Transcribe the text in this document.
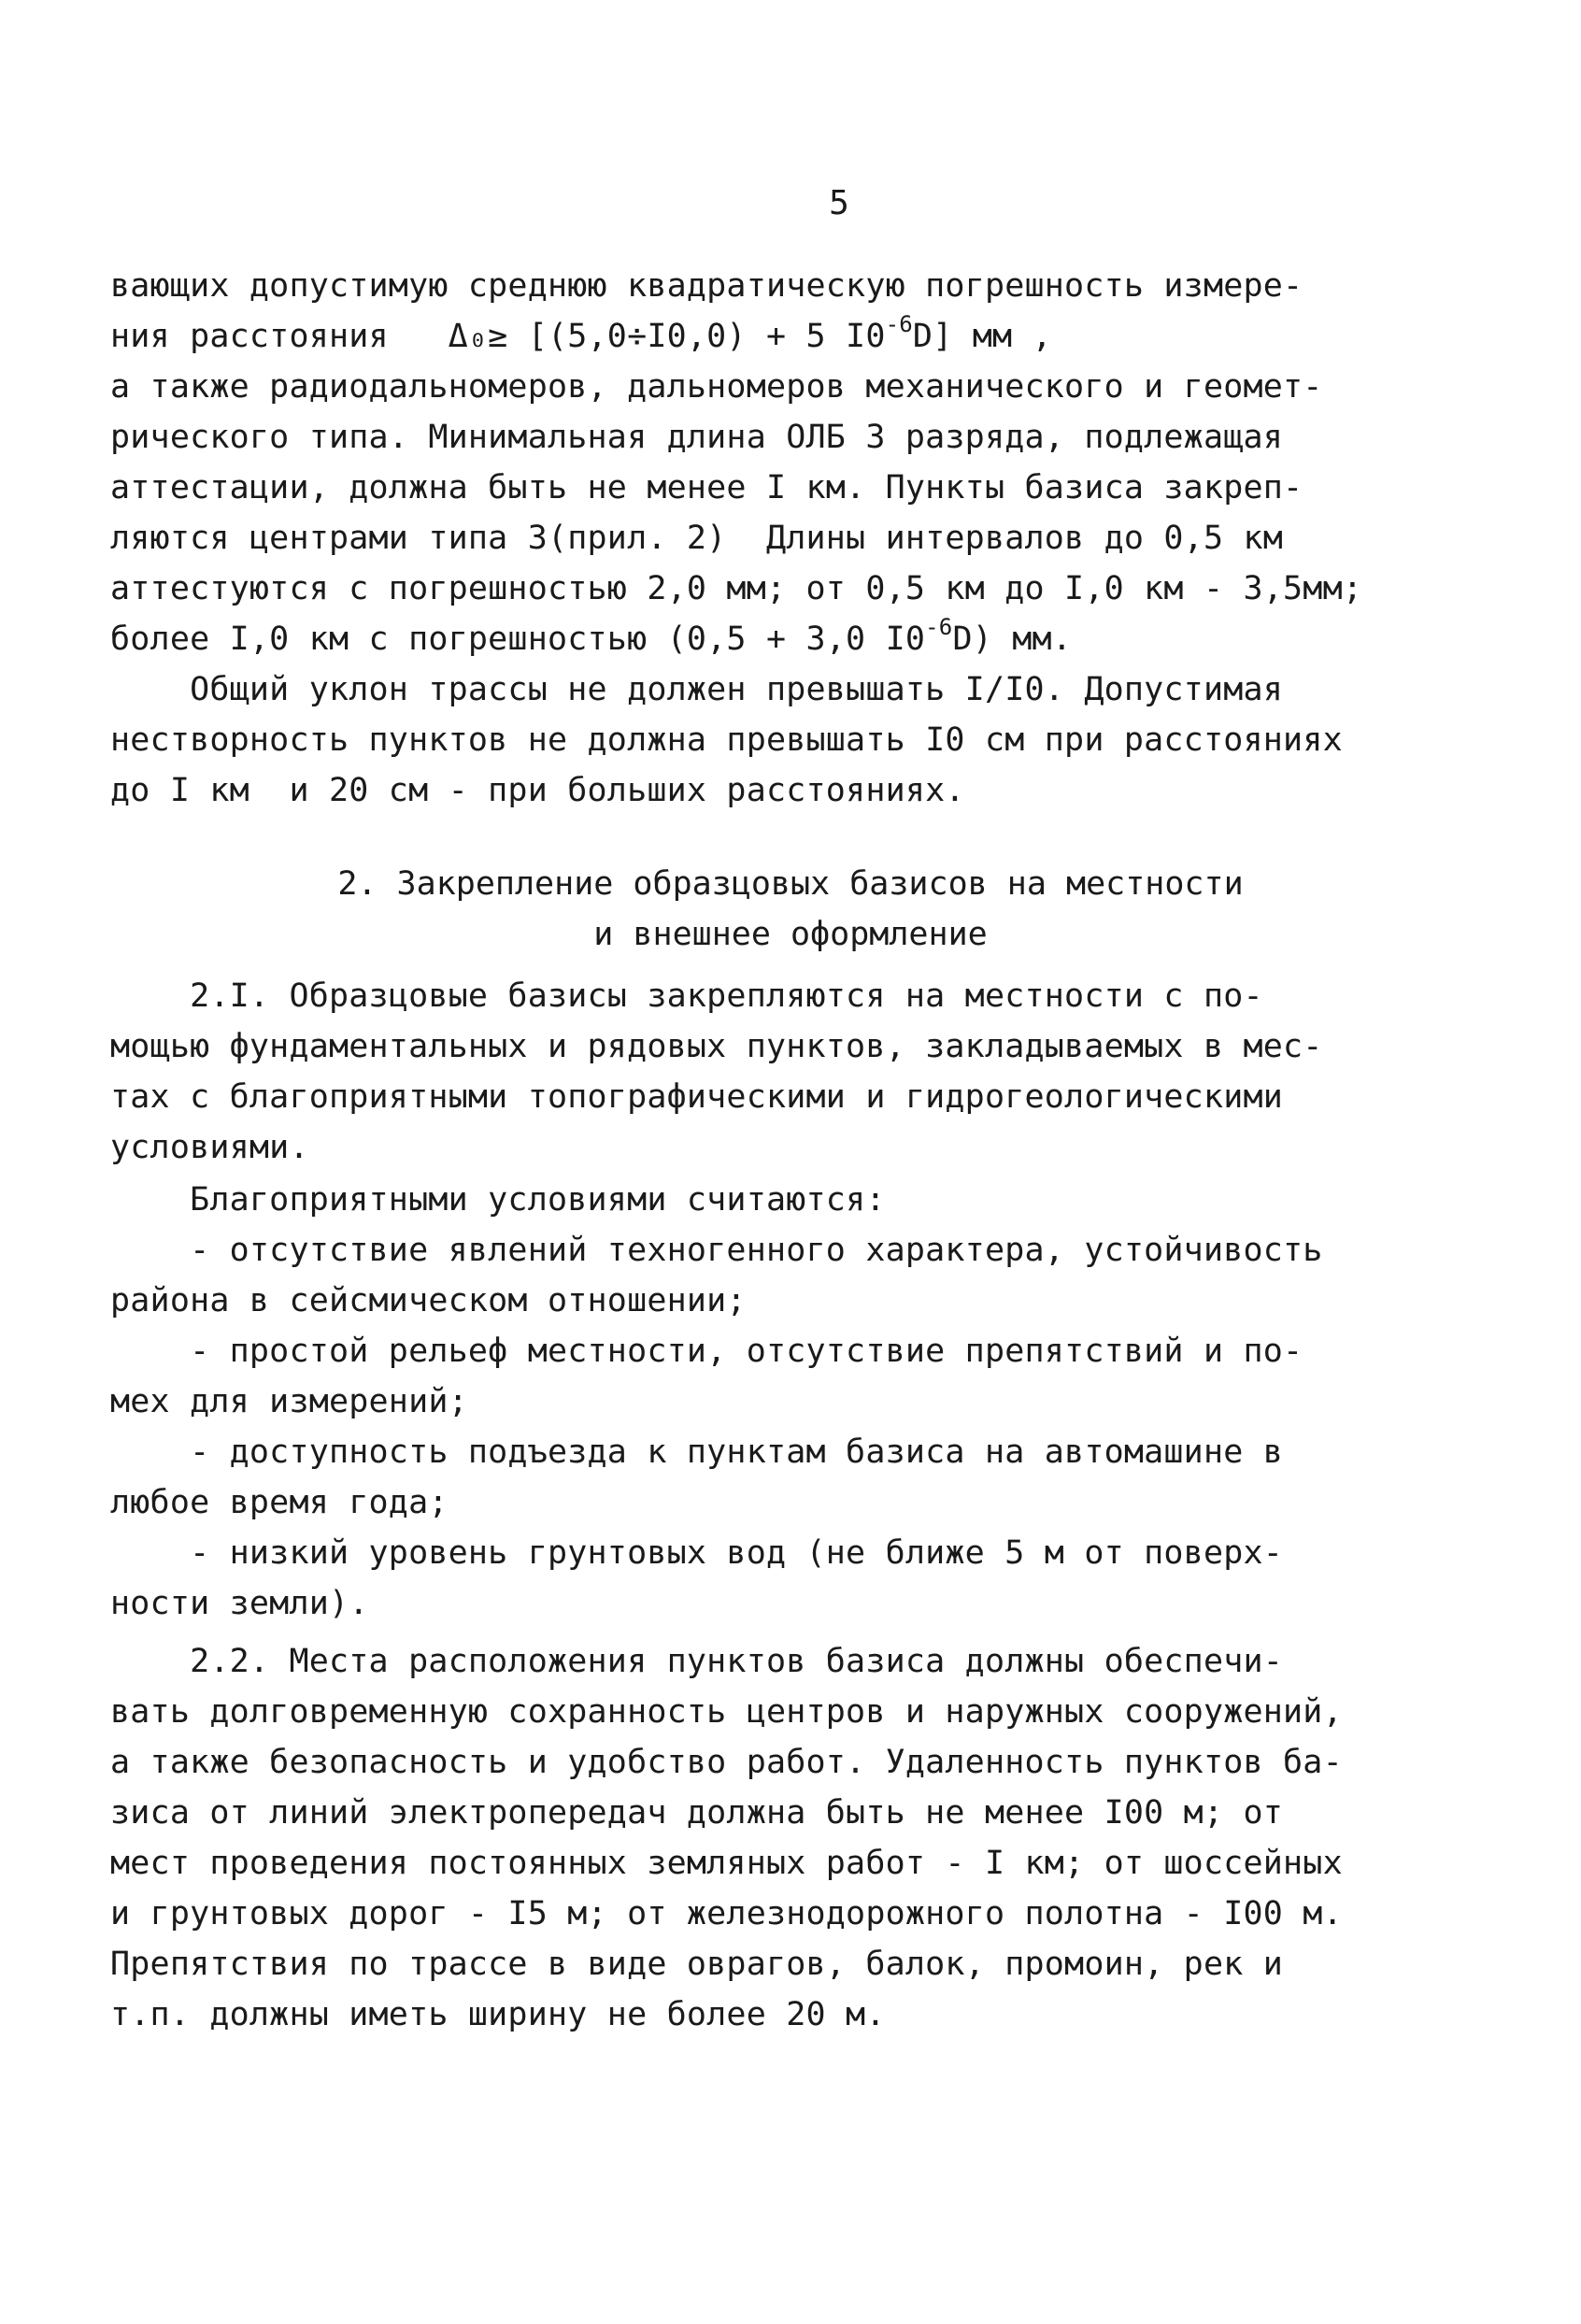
5
вающих допустимую среднюю квадратическую погрешность измере-
ния расстояния   Δ₀≥ [(5,0÷I0,0) + 5 $I0^{-6}D$] мм ,
а также радиодальномеров, дальномеров механического и геомет-
рического типа. Минимальная длина ОЛБ 3 разряда, подлежащая
аттестации, должна быть не менее I км. Пункты базиса закреп-
ляются центрами типа 3(прил. 2)  Длины интервалов до 0,5 км
аттестуются с погрешностью 2,0 мм; от 0,5 км до I,0 км - 3,5мм;
более I,0 км с погрешностью (0,5 + 3,0 $I0^{-6}D$) мм.
Общий уклон трассы не должен превышать I/I0. Допустимая
нестворность пунктов не должна превышать I0 см при расстояниях
до I км  и 20 см - при больших расстояниях.
2. Закрепление образцовых базисов на местности
и внешнее оформление
2.I. Образцовые базисы закрепляются на местности с по-
мощью фундаментальных и рядовых пунктов, закладываемых в мес-
тах с благоприятными топографическими и гидрогеологическими
условиями.
Благоприятными условиями считаются:
- отсутствие явлений техногенного характера, устойчивость
района в сейсмическом отношении;
- простой рельеф местности, отсутствие препятствий и по-
мех для измерений;
- доступность подъезда к пунктам базиса на автомашине в
любое время года;
- низкий уровень грунтовых вод (не ближе 5 м от поверх-
ности земли).
2.2. Места расположения пунктов базиса должны обеспечи-
вать долговременную сохранность центров и наружных сооружений,
а также безопасность и удобство работ. Удаленность пунктов ба-
зиса от линий электропередач должна быть не менее I00 м; от
мест проведения постоянных земляных работ - I км; от шоссейных
и грунтовых дорог - I5 м; от железнодорожного полотна - I00 м.
Препятствия по трассе в виде оврагов, балок, промоин, рек и
т.п. должны иметь ширину не более 20 м.
